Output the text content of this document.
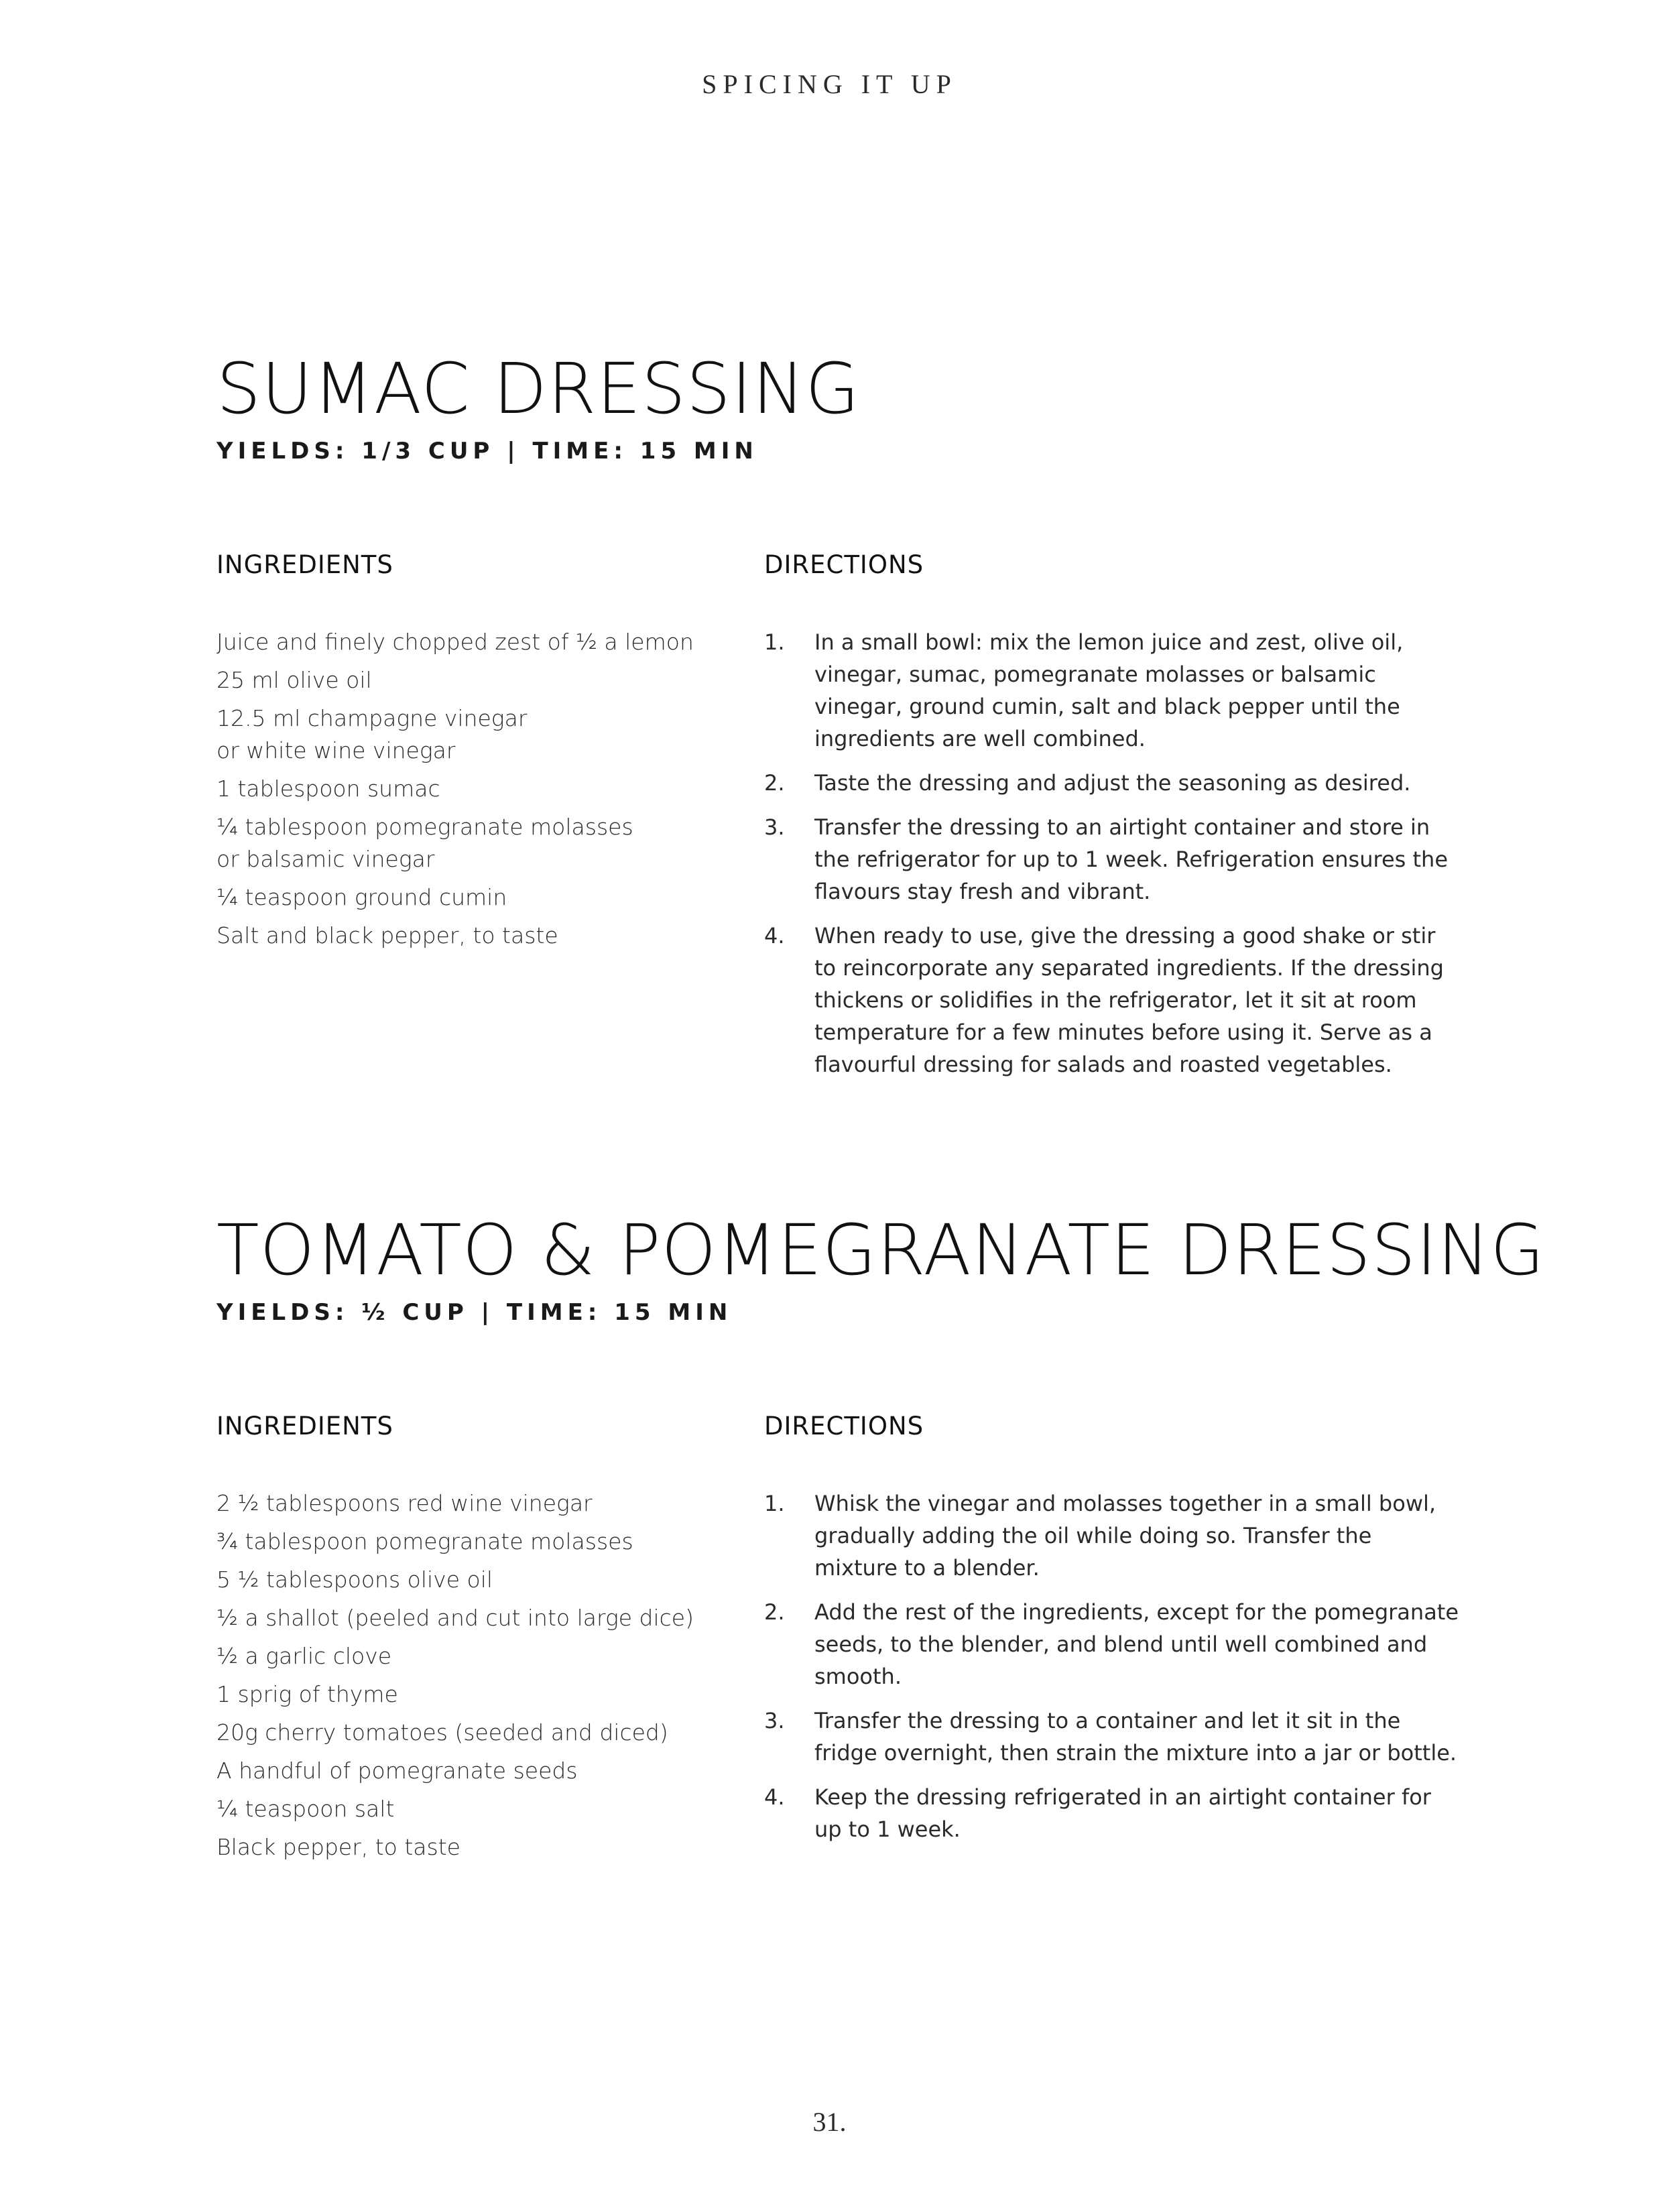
SPICING IT UP
SUMAC DRESSING
YIELDS: 1/3 CUP | TIME: 15 MIN
INGREDIENTS
Juice and finely chopped zest of ½ a lemon
25 ml olive oil
12.5 ml champagne vinegar
or white wine vinegar
1 tablespoon sumac
¼ tablespoon pomegranate molasses
or balsamic vinegar
¼ teaspoon ground cumin
Salt and black pepper, to taste
DIRECTIONS
1. In a small bowl: mix the lemon juice and zest, olive oil, vinegar, sumac, pomegranate molasses or balsamic vinegar, ground cumin, salt and black pepper until the ingredients are well combined.
2. Taste the dressing and adjust the seasoning as desired.
3. Transfer the dressing to an airtight container and store in the refrigerator for up to 1 week. Refrigeration ensures the flavours stay fresh and vibrant.
4. When ready to use, give the dressing a good shake or stir to reincorporate any separated ingredients. If the dressing thickens or solidifies in the refrigerator, let it sit at room temperature for a few minutes before using it. Serve as a flavourful dressing for salads and roasted vegetables.
TOMATO & POMEGRANATE DRESSING
YIELDS: ½ CUP | TIME: 15 MIN
INGREDIENTS
2 ½ tablespoons red wine vinegar
¾ tablespoon pomegranate molasses
5 ½ tablespoons olive oil
½ a shallot (peeled and cut into large dice)
½ a garlic clove
1 sprig of thyme
20g cherry tomatoes (seeded and diced)
A handful of pomegranate seeds
¼ teaspoon salt
Black pepper, to taste
DIRECTIONS
1. Whisk the vinegar and molasses together in a small bowl, gradually adding the oil while doing so. Transfer the mixture to a blender.
2. Add the rest of the ingredients, except for the pomegranate seeds, to the blender, and blend until well combined and smooth.
3. Transfer the dressing to a container and let it sit in the fridge overnight, then strain the mixture into a jar or bottle.
4. Keep the dressing refrigerated in an airtight container for up to 1 week.
31.
